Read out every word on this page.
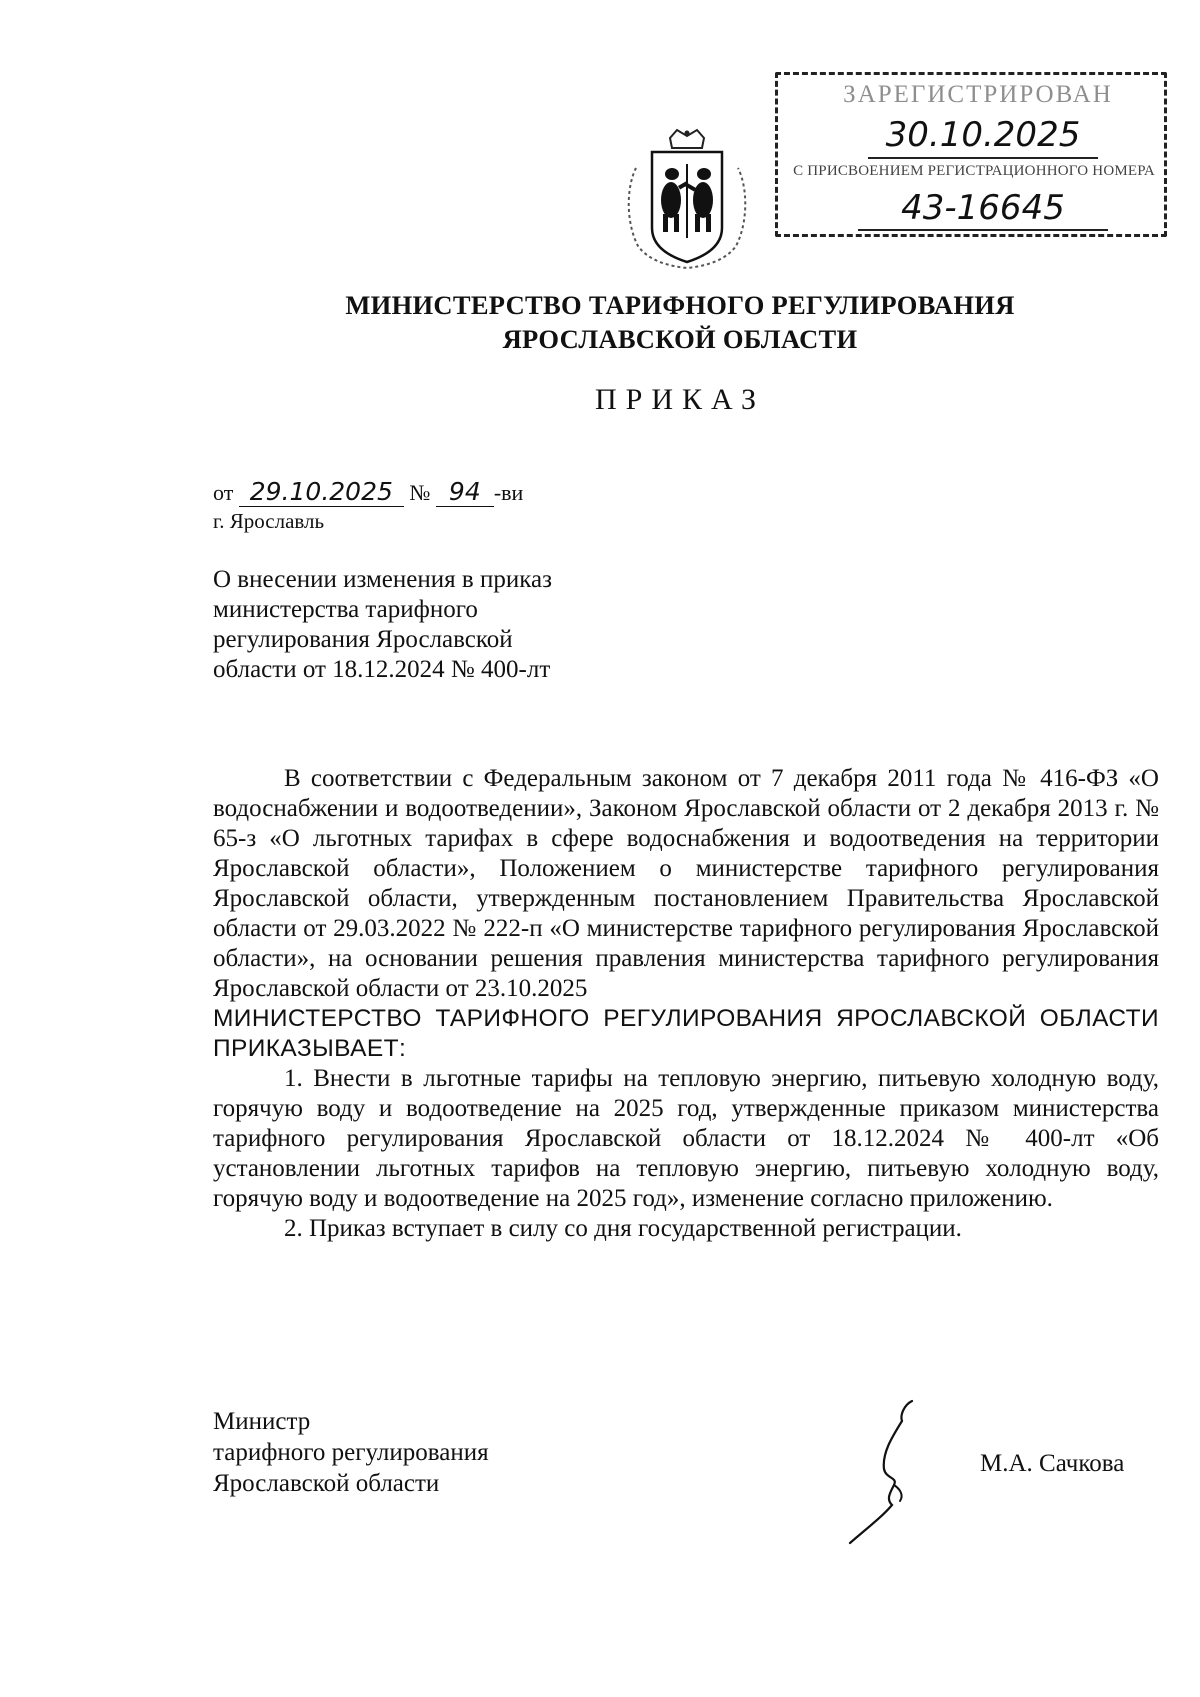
ЗАРЕГИСТРИРОВАН
30.10.2025
С ПРИСВОЕНИЕМ РЕГИСТРАЦИОННОГО НОМЕРА
43-16645
МИНИСТЕРСТВО ТАРИФНОГО РЕГУЛИРОВАНИЯ
ЯРОСЛАВСКОЙ ОБЛАСТИ
ПРИКАЗ
от 29.10.2025 № 94 -ви
г. Ярославль
О внесении изменения в приказ
министерства тарифного
регулирования Ярославской
области от 18.12.2024 № 400-лт

В соответствии с Федеральным законом от 7 декабря 2011 года № 416-ФЗ «О водоснабжении и водоотведении», Законом Ярославской области от 2 декабря 2013 г. № 65-з «О льготных тарифах в сфере водоснабжения и водоотведения на территории Ярославской области», Положением о министерстве тарифного регулирования Ярославской области, утвержденным постановлением Правительства Ярославской области от 29.03.2022 № 222-п «О министерстве тарифного регулирования Ярославской области», на основании решения правления министерства тарифного регулирования Ярославской области от 23.10.2025

МИНИСТЕРСТВО ТАРИФНОГО РЕГУЛИРОВАНИЯ ЯРОСЛАВСКОЙ ОБЛАСТИ ПРИКАЗЫВАЕТ:

1. Внести в льготные тарифы на тепловую энергию, питьевую холодную воду, горячую воду и водоотведение на 2025 год, утвержденные приказом министерства тарифного регулирования Ярославской области от 18.12.2024 № 400-лт «Об установлении льготных тарифов на тепловую энергию, питьевую холодную воду, горячую воду и водоотведение на 2025 год», изменение согласно приложению.

2. Приказ вступает в силу со дня государственной регистрации.

Министр
тарифного регулирования
Ярославской области
М.А. Сачкова
